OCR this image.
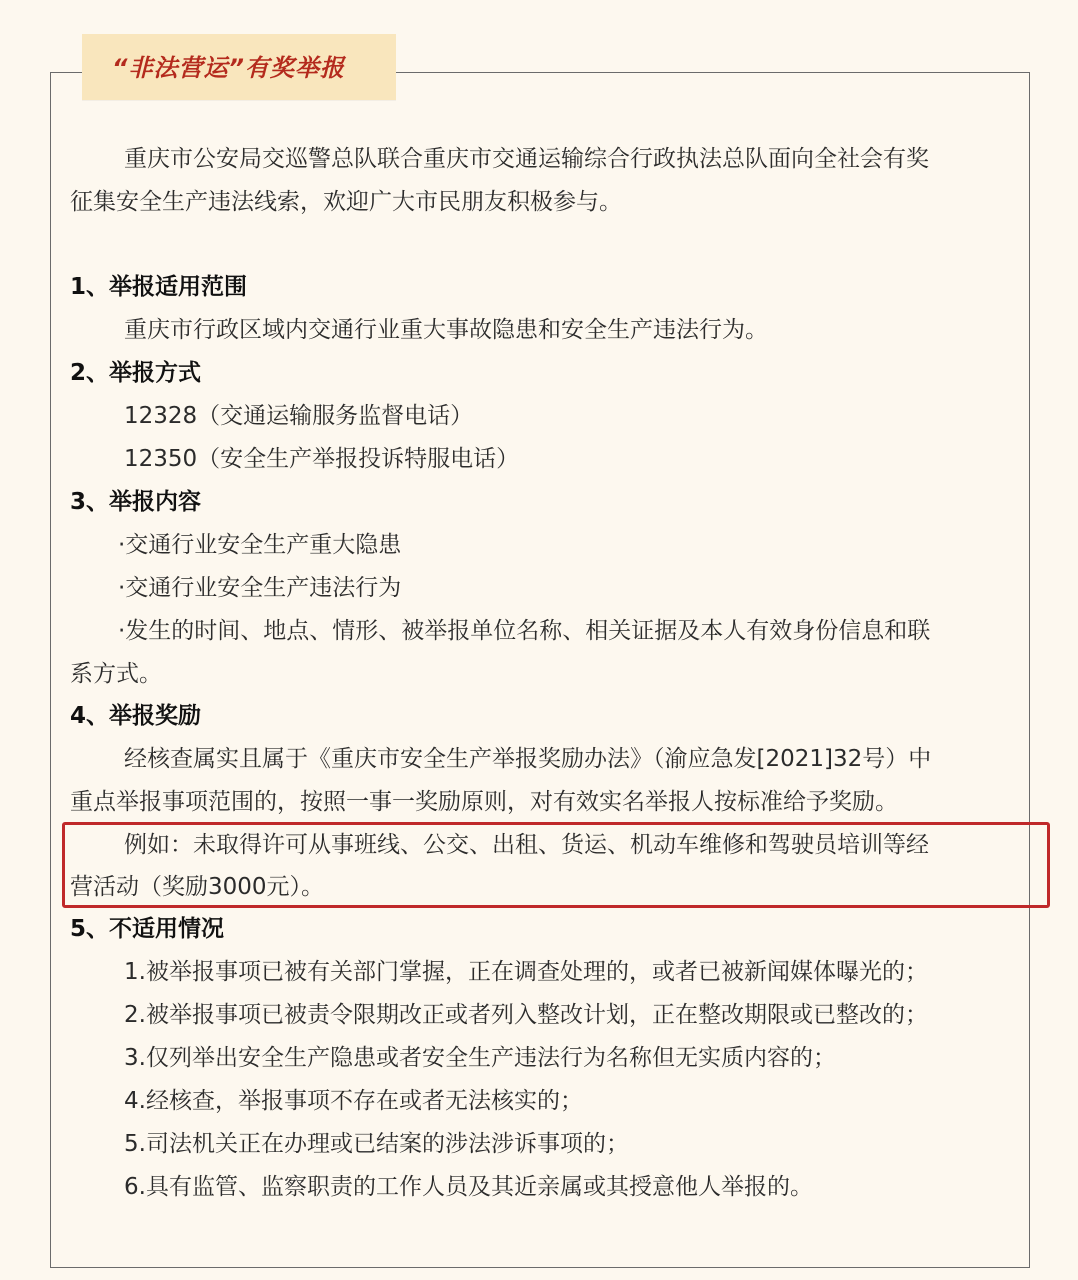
“非法营运”有奖举报
重庆市公安局交巡警总队联合重庆市交通运输综合行政执法总队面向全社会有奖
征集安全生产违法线索，欢迎广大市民朋友积极参与。
1、举报适用范围
重庆市行政区域内交通行业重大事故隐患和安全生产违法行为。
2、举报方式
12328（交通运输服务监督电话）
12350（安全生产举报投诉特服电话）
3、举报内容
·交通行业安全生产重大隐患
·交通行业安全生产违法行为
·发生的时间、地点、情形、被举报单位名称、相关证据及本人有效身份信息和联
系方式。
4、举报奖励
经核查属实且属于《重庆市安全生产举报奖励办法》（渝应急发[2021]32号）中
重点举报事项范围的，按照一事一奖励原则，对有效实名举报人按标准给予奖励。
例如：未取得许可从事班线、公交、出租、货运、机动车维修和驾驶员培训等经
营活动（奖励3000元）。
5、不适用情况
1.被举报事项已被有关部门掌握，正在调查处理的，或者已被新闻媒体曝光的；
2.被举报事项已被责令限期改正或者列入整改计划，正在整改期限或已整改的；
3.仅列举出安全生产隐患或者安全生产违法行为名称但无实质内容的；
4.经核查，举报事项不存在或者无法核实的；
5.司法机关正在办理或已结案的涉法涉诉事项的；
6.具有监管、监察职责的工作人员及其近亲属或其授意他人举报的。
